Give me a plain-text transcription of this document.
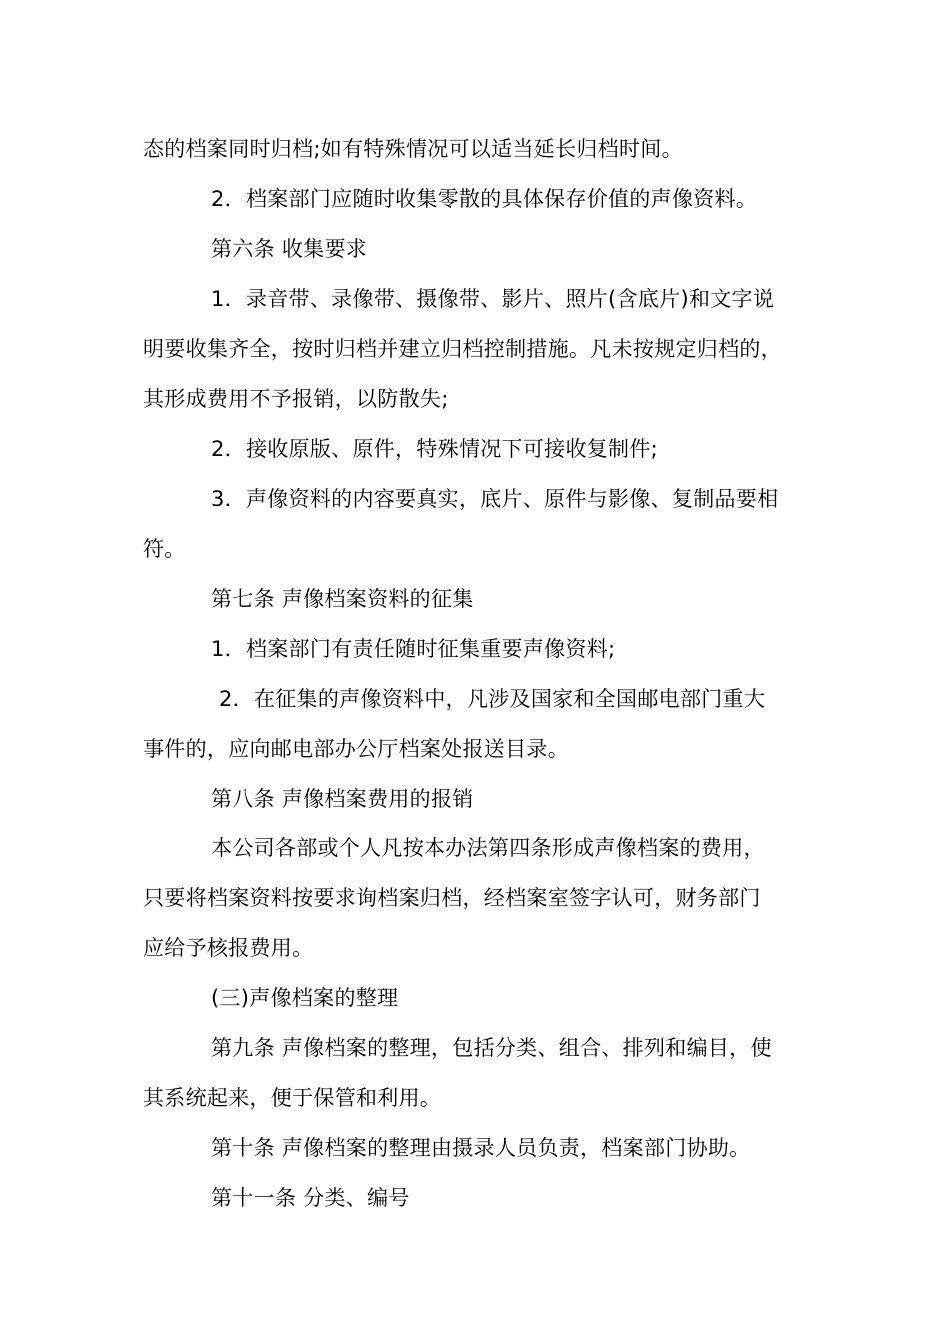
态的档案同时归档;如有特殊情况可以适当延长归档时间。
2．档案部门应随时收集零散的具体保存价值的声像资料。
第六条 收集要求
1．录音带、录像带、摄像带、影片、照片(含底片)和文字说
明要收集齐全，按时归档并建立归档控制措施。凡未按规定归档的，
其形成费用不予报销，以防散失;
2．接收原版、原件，特殊情况下可接收复制件;
3．声像资料的内容要真实，底片、原件与影像、复制品要相
符。
第七条 声像档案资料的征集
1．档案部门有责任随时征集重要声像资料;
2．在征集的声像资料中，凡涉及国家和全国邮电部门重大
事件的，应向邮电部办公厅档案处报送目录。
第八条 声像档案费用的报销
本公司各部或个人凡按本办法第四条形成声像档案的费用，
只要将档案资料按要求询档案归档，经档案室签字认可，财务部门
应给予核报费用。
(三)声像档案的整理
第九条 声像档案的整理，包括分类、组合、排列和编目，使
其系统起来，便于保管和利用。
第十条 声像档案的整理由摄录人员负责，档案部门协助。
第十一条 分类、编号
